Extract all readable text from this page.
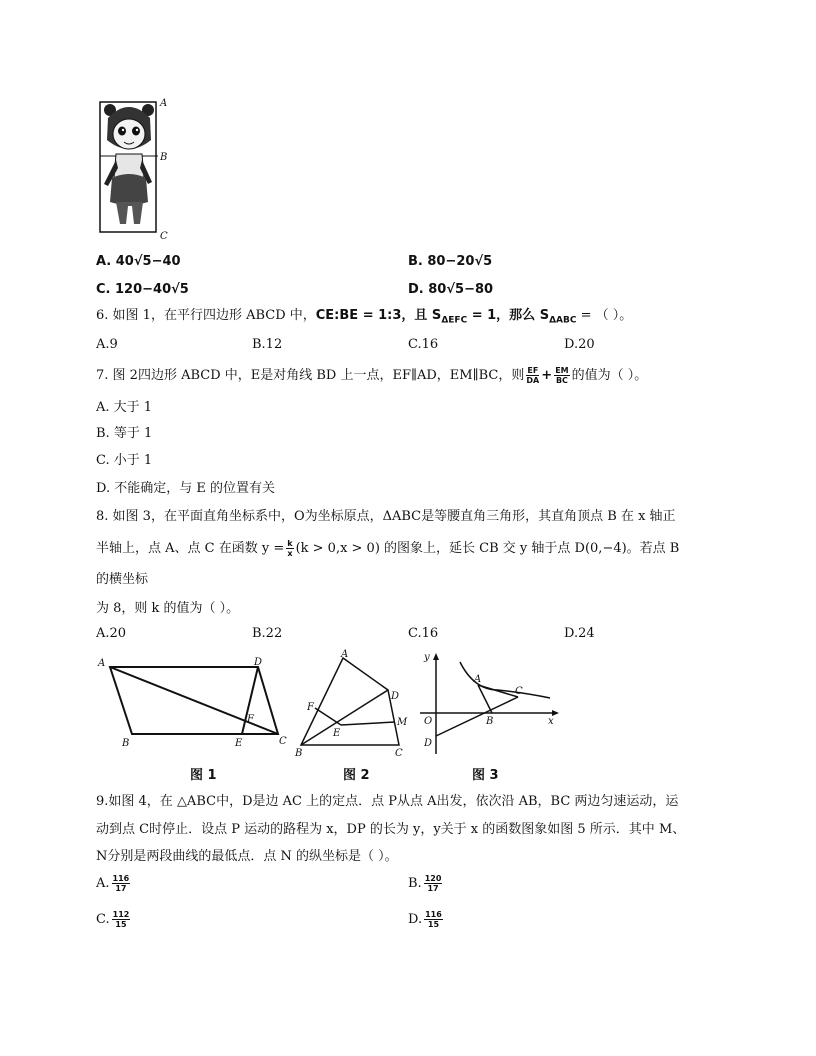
A
B
C
A. 40√5−40	B. 80−20√5
C. 120−40√5	D. 80√5−80
6. 如图 1，在平行四边形 ABCD 中，CE:BE = 1:3，且 $S_{\Delta EFC} = 1$，那么 $S_{\Delta ABC}$ = （ ）。
A.9	B.12	C.16	D.20
7. 图 2四边形 ABCD 中，E是对角线 BD 上一点，EF∥AD，EM∥BC，则 $\frac{EF}{DA} + \frac{EM}{BC}$ 的值为（ ）。
A. 大于 1
B. 等于 1
C. 小于 1
D. 不能确定，与 E 的位置有关
8. 如图 3，在平面直角坐标系中，O为坐标原点，ΔABC是等腰直角三角形，其直角顶点 B 在 x 轴正
半轴上，点 A、点 C 在函数 $y = \frac{k}{x} (k > 0,x > 0)$ 的图象上，延长 CB 交 y 轴于点 D(0,−4)。若点 B
的横坐标
为 8，则 k 的值为（ ）。
A.20	B.22	C.16	D.24
A	D
F
B	E	C
图 1
A
F
D
M
E
B	C
图 2
y
A
C
O	B	x
D
图 3
9.如图 4，在 △ABC中，D是边 AC 上的定点．点 P从点 A出发，依次沿 AB，BC 两边匀速运动，运
动到点 C时停止．设点 P 运动的路程为 x，DP 的长为 y，y关于 x 的函数图象如图 5 所示．其中 M、
N分别是两段曲线的最低点．点 N 的纵坐标是（ ）。
A. $\frac{116}{17}$	B. $\frac{120}{17}$
C. $\frac{112}{15}$	D. $\frac{116}{15}$
